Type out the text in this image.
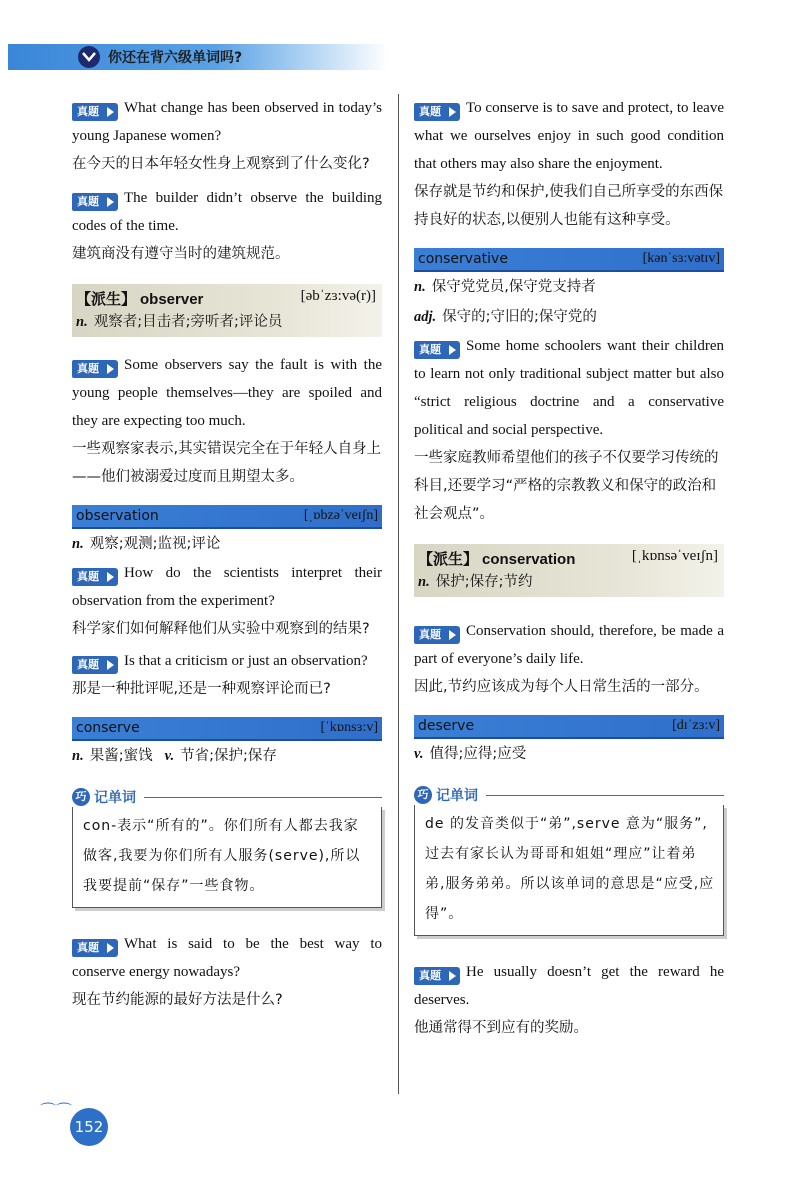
你还在背六级单词吗?

真题	What change has been observed in today’s young Japanese women?

在今天的日本年轻女性身上观察到了什么变化?

真题	The builder didn’t observe the building codes of the time.

建筑商没有遵守当时的建筑规范。

【派生】 observer	[əbˈzɜ:və(r)]
n. 观察者;目击者;旁听者;评论员

真题	Some observers say the fault is with the young people themselves—they are spoiled and they are expecting too much.

一些观察家表示,其实错误完全在于年轻人自身上——他们被溺爱过度而且期望太多。

observation	[ˌɒbzəˈveɪʃn]
n. 观察;观测;监视;评论

真题	How do the scientists interpret their observation from the experiment?

科学家们如何解释他们从实验中观察到的结果?

真题	Is that a criticism or just an observation?

那是一种批评呢,还是一种观察评论而已?

conserve	[ˈkɒnsɜ:v]
n. 果酱;蜜饯 v. 节省;保护;保存
巧 记单词
con-表示“所有的”。你们所有人都去我家做客,我要为你们所有人服务(serve),所以我要提前“保存”一些食物。

真题	What is said to be the best way to conserve energy nowadays?

现在节约能源的最好方法是什么?

真题	To conserve is to save and protect, to leave what we ourselves enjoy in such good condition that others may also share the enjoyment.

保存就是节约和保护,使我们自己所享受的东西保持良好的状态,以便别人也能有这种享受。

conservative	[kənˈsɜ:vətɪv]
n. 保守党党员,保守党支持者
adj. 保守的;守旧的;保守党的

真题	Some home schoolers want their children to learn not only traditional subject matter but also “strict religious doctrine and a conservative political and social perspective.

一些家庭教师希望他们的孩子不仅要学习传统的科目,还要学习“严格的宗教教义和保守的政治和社会观点”。

【派生】 conservation	[ˌkɒnsəˈveɪʃn]
n. 保护;保存;节约

真题	Conservation should, therefore, be made a part of everyone’s daily life.

因此,节约应该成为每个人日常生活的一部分。

deserve	[dɪˈzɜ:v]
v. 值得;应得;应受
巧 记单词
de 的发音类似于“弟”,serve 意为“服务”,过去有家长认为哥哥和姐姐“理应”让着弟弟,服务弟弟。所以该单词的意思是“应受,应得”。

真题	He usually doesn’t get the reward he deserves.

他通常得不到应有的奖励。

⌒⌒
152
